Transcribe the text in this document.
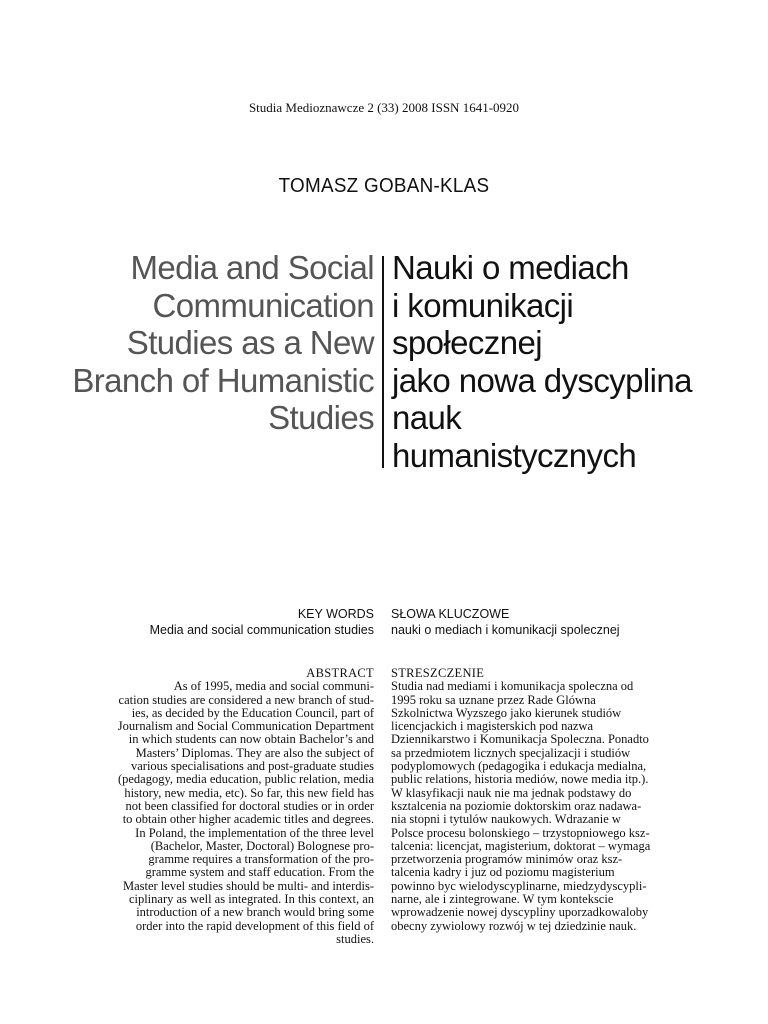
Studia Medioznawcze 2 (33) 2008 ISSN 1641-0920
TOMASZ GOBAN-KLAS
Media and Social
Communication
Studies as a New
Branch of Humanistic
Studies
Nauki o mediach
i komunikacji
społecznej
jako nowa dyscyplina
nauk
humanistycznych
KEY WORDS
Media and social communication studies
SŁOWA KLUCZOWE
nauki o mediach i komunikacji spolecznej
ABSTRACT
As of 1995, media and social communi-
cation studies are considered a new branch of stud-
ies, as decided by the Education Council, part of
Journalism and Social Communication Department
in which students can now obtain Bachelor’s and
Masters’ Diplomas. They are also the subject of
various specialisations and post-graduate studies
(pedagogy, media education, public relation, media
history, new media, etc). So far, this new field has
not been classified for doctoral studies or in order
to obtain other higher academic titles and degrees.
In Poland, the implementation of the three level
(Bachelor, Master, Doctoral) Bolognese pro-
gramme requires a transformation of the pro-
gramme system and staff education. From the
Master level studies should be multi- and interdis-
ciplinary as well as integrated. In this context, an
introduction of a new branch would bring some
order into the rapid development of this field of
studies.
STRESZCZENIE
Studia nad mediami i komunikacja spoleczna od
1995 roku sa uznane przez Rade Glówna
Szkolnictwa Wyzszego jako kierunek studiów
licencjackich i magisterskich pod nazwa
Dziennikarstwo i Komunikacja Spoleczna. Ponadto
sa przedmiotem licznych specjalizacji i studiów
podyplomowych (pedagogika i edukacja medialna,
public relations, historia mediów, nowe media itp.).
W klasyfikacji nauk nie ma jednak podstawy do
ksztalcenia na poziomie doktorskim oraz nadawa-
nia stopni i tytulów naukowych. Wdrazanie w
Polsce procesu bolonskiego – trzystopniowego ksz-
talcenia: licencjat, magisterium, doktorat – wymaga
przetworzenia programów minimów oraz ksz-
talcenia kadry i juz od poziomu magisterium
powinno byc wielodyscyplinarne, miedzydyscypli-
narne, ale i zintegrowane. W tym kontekscie
wprowadzenie nowej dyscypliny uporzadkowaloby
obecny zywiolowy rozwój w tej dziedzinie nauk.
